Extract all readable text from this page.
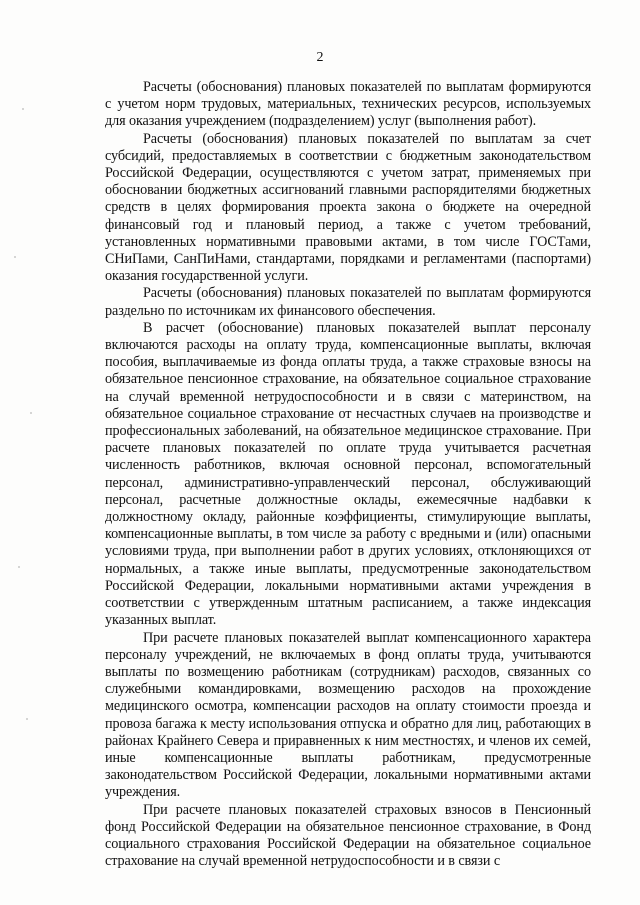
2

Расчеты (обоснования) плановых показателей по выплатам формируются с учетом норм трудовых, материальных, технических ресурсов, используемых для оказания учреждением (подразделением) услуг (выполнения работ).

Расчеты (обоснования) плановых показателей по выплатам за счет субсидий, предоставляемых в соответствии с бюджетным законодательством Российской Федерации, осуществляются с учетом затрат, применяемых при обосновании бюджетных ассигнований главными распорядителями бюджетных средств в целях формирования проекта закона о бюджете на очередной финансовый год и плановый период, а также с учетом требований, установленных нормативными правовыми актами, в том числе ГОСТами, СНиПами, СанПиНами, стандартами, порядками и регламентами (паспортами) оказания государственной услуги.

Расчеты (обоснования) плановых показателей по выплатам формируются раздельно по источникам их финансового обеспечения.

В расчет (обоснование) плановых показателей выплат персоналу включаются расходы на оплату труда, компенсационные выплаты, включая пособия, выплачиваемые из фонда оплаты труда, а также страховые взносы на обязательное пенсионное страхование, на обязательное социальное страхование на случай временной нетрудоспособности и в связи с материнством, на обязательное социальное страхование от несчастных случаев на производстве и профессиональных заболеваний, на обязательное медицинское страхование. При расчете плановых показателей по оплате труда учитывается расчетная численность работников, включая основной персонал, вспомогательный персонал, административно-управленческий персонал, обслуживающий персонал, расчетные должностные оклады, ежемесячные надбавки к должностному окладу, районные коэффициенты, стимулирующие выплаты, компенсационные выплаты, в том числе за работу с вредными и (или) опасными условиями труда, при выполнении работ в других условиях, отклоняющихся от нормальных, а также иные выплаты, предусмотренные законодательством Российской Федерации, локальными нормативными актами учреждения в соответствии с утвержденным штатным расписанием, а также индексация указанных выплат.

При расчете плановых показателей выплат компенсационного характера персоналу учреждений, не включаемых в фонд оплаты труда, учитываются выплаты по возмещению работникам (сотрудникам) расходов, связанных со служебными командировками, возмещению расходов на прохождение медицинского осмотра, компенсации расходов на оплату стоимости проезда и провоза багажа к месту использования отпуска и обратно для лиц, работающих в районах Крайнего Севера и приравненных к ним местностях, и членов их семей, иные компенсационные выплаты работникам, предусмотренные законодательством Российской Федерации, локальными нормативными актами учреждения.

При расчете плановых показателей страховых взносов в Пенсионный фонд Российской Федерации на обязательное пенсионное страхование, в Фонд социального страхования Российской Федерации на обязательное социальное страхование на случай временной нетрудоспособности и в связи с
